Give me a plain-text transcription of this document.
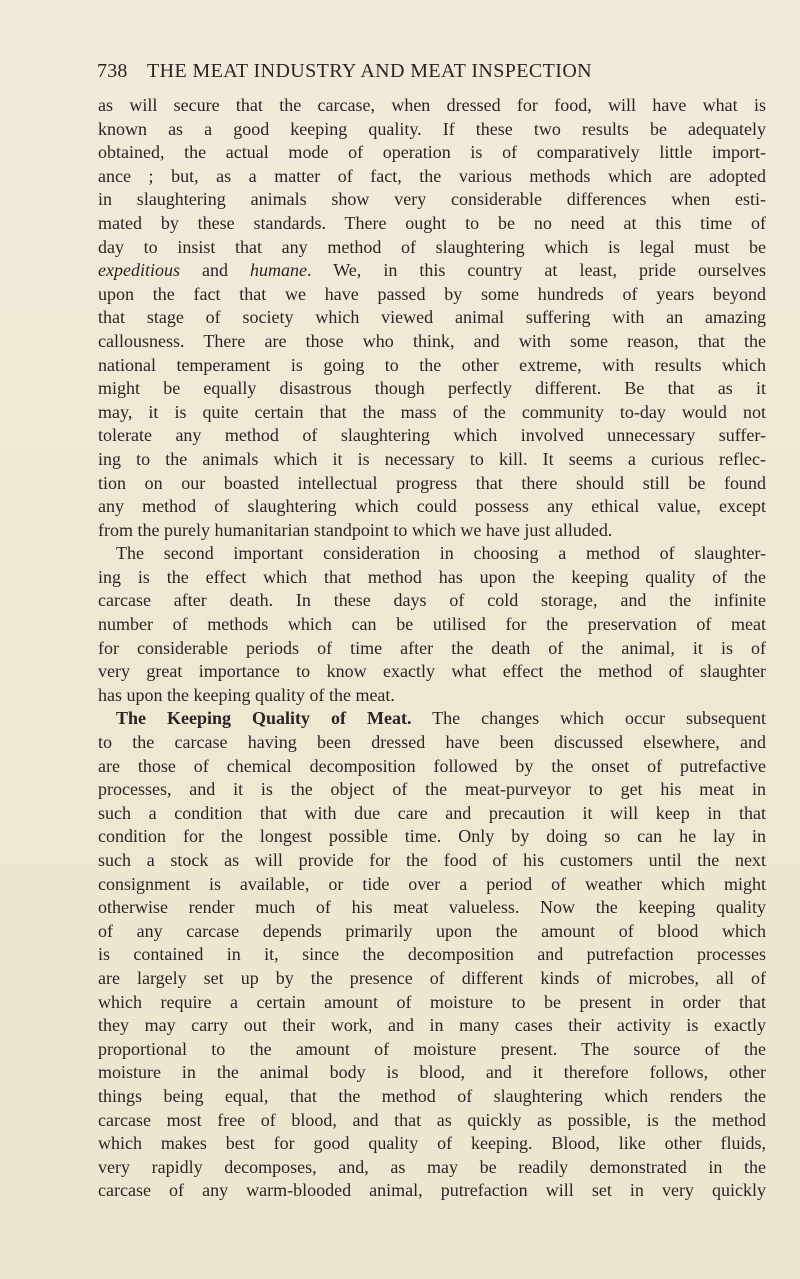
738 THE MEAT INDUSTRY AND MEAT INSPECTION
as will secure that the carcase, when dressed for food, will have what is
known as a good keeping quality. If these two results be adequately
obtained, the actual mode of operation is of comparatively little import-
ance ; but, as a matter of fact, the various methods which are adopted
in slaughtering animals show very considerable differences when esti-
mated by these standards. There ought to be no need at this time of
day to insist that any method of slaughtering which is legal must be
expeditious and humane. We, in this country at least, pride ourselves
upon the fact that we have passed by some hundreds of years beyond
that stage of society which viewed animal suffering with an amazing
callousness. There are those who think, and with some reason, that the
national temperament is going to the other extreme, with results which
might be equally disastrous though perfectly different. Be that as it
may, it is quite certain that the mass of the community to-day would not
tolerate any method of slaughtering which involved unnecessary suffer-
ing to the animals which it is necessary to kill. It seems a curious reflec-
tion on our boasted intellectual progress that there should still be found
any method of slaughtering which could possess any ethical value, except
from the purely humanitarian standpoint to which we have just alluded.
The second important consideration in choosing a method of slaughter-
ing is the effect which that method has upon the keeping quality of the
carcase after death. In these days of cold storage, and the infinite
number of methods which can be utilised for the preservation of meat
for considerable periods of time after the death of the animal, it is of
very great importance to know exactly what effect the method of slaughter
has upon the keeping quality of the meat.
The Keeping Quality of Meat. The changes which occur subsequent
to the carcase having been dressed have been discussed elsewhere, and
are those of chemical decomposition followed by the onset of putrefactive
processes, and it is the object of the meat-purveyor to get his meat in
such a condition that with due care and precaution it will keep in that
condition for the longest possible time. Only by doing so can he lay in
such a stock as will provide for the food of his customers until the next
consignment is available, or tide over a period of weather which might
otherwise render much of his meat valueless. Now the keeping quality
of any carcase depends primarily upon the amount of blood which
is contained in it, since the decomposition and putrefaction processes
are largely set up by the presence of different kinds of microbes, all of
which require a certain amount of moisture to be present in order that
they may carry out their work, and in many cases their activity is exactly
proportional to the amount of moisture present. The source of the
moisture in the animal body is blood, and it therefore follows, other
things being equal, that the method of slaughtering which renders the
carcase most free of blood, and that as quickly as possible, is the method
which makes best for good quality of keeping. Blood, like other fluids,
very rapidly decomposes, and, as may be readily demonstrated in the
carcase of any warm-blooded animal, putrefaction will set in very quickly
